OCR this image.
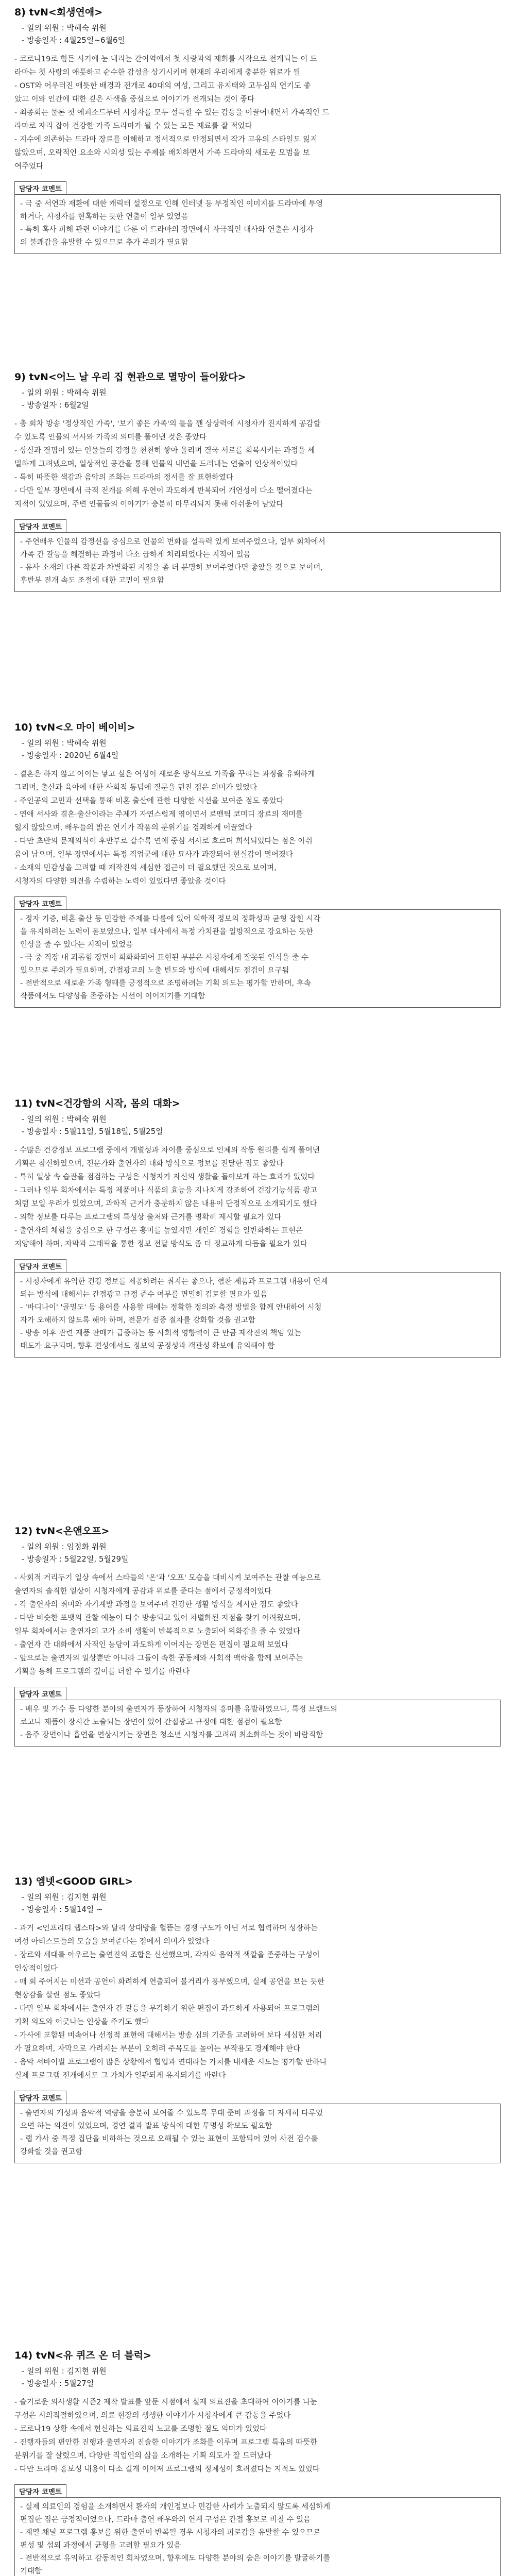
8) tvN<회생연애>
- 일의 위원 : 박혜숙 위원
- 방송일자 : 4월25일~6월6일
- 코로나19로 힘든 시기에 눈 내리는 간이역에서 첫 사랑과의 재회를 시작으로 전개되는 이 드
라마는 첫 사랑의 애틋하고 순수한 감성을 상기시키며 현재의 우리에게 충분한 위로가 될
- OST와 어우러진 애틋한 배경과 전개로 40대의 여성, 그리고 유지태와 고두심의 연기도 좋
았고 이와 인간에 대한 깊은 사색을 중심으로 이야기가 전개되는 것이 좋다
- 최종회는 물론 첫 에피소드부터 시청자를 모두 설득할 수 있는 감동을 이끌어내면서 가족적인 드
라마로 자리 잡아 건강한 가족 드라마가 될 수 있는 모든 재료를 잘 적었다
- 지수에 의존하는 드라마 장르를 이해하고 정서적으로 안정되면서 작가 고유의 스타일도 잃지
않았으며, 오락적인 요소와 시의성 있는 주제를 배치하면서 가족 드라마의 새로운 모범을 보
여주었다
담당자 코멘트
- 극 중 서연과 재환에 대한 캐릭터 설정으로 인해 인터넷 등 부정적인 이미지를 드라마에 투영
하거나, 시청자를 현혹하는 듯한 연출이 일부 있었음
- 특히 혹사 피해 관련 이야기를 다룬 이 드라마의 장면에서 자극적인 대사와 연출은 시청자
의 불쾌감을 유발할 수 있으므로 추가 주의가 필요함
9) tvN<어느 날 우리 집 현관으로 멸망이 들어왔다>
- 일의 위원 : 박혜숙 위원
- 방송일자 : 6월2일
- 총 회차 방송 '정상적인 가족', '보기 좋은 가족'의 틀을 깬 상상력에 시청자가 진지하게 공감할
수 있도록 인물의 서사와 가족의 의미를 풀어낸 것은 좋았다
- 상실과 결핍이 있는 인물들의 감정을 천천히 쌓아 올리며 결국 서로를 회복시키는 과정을 세
밀하게 그려냈으며, 일상적인 공간을 통해 인물의 내면을 드러내는 연출이 인상적이었다
- 특히 따뜻한 색감과 음악의 조화는 드라마의 정서를 잘 표현하였다
- 다만 일부 장면에서 극적 전개를 위해 우연이 과도하게 반복되어 개연성이 다소 떨어졌다는
지적이 있었으며, 주변 인물들의 이야기가 충분히 마무리되지 못해 아쉬움이 남았다
담당자 코멘트
- 주연배우 인물의 감정선을 중심으로 인물의 변화를 설득력 있게 보여주었으나, 일부 회차에서
가족 간 갈등을 해결하는 과정이 다소 급하게 처리되었다는 지적이 있음
- 유사 소재의 다른 작품과 차별화된 지점을 좀 더 분명히 보여주었다면 좋았을 것으로 보이며,
후반부 전개 속도 조절에 대한 고민이 필요함
10) tvN<오 마이 베이비>
- 일의 위원 : 박혜숙 위원
- 방송일자 : 2020년 6월4일
- 결혼은 하지 않고 아이는 낳고 싶은 여성이 새로운 방식으로 가족을 꾸리는 과정을 유쾌하게
그리며, 출산과 육아에 대한 사회적 통념에 질문을 던진 점은 의미가 있었다
- 주인공의 고민과 선택을 통해 비혼 출산에 관한 다양한 시선을 보여준 점도 좋았다
- 연애 서사와 결혼·출산이라는 주제가 자연스럽게 엮이면서 로맨틱 코미디 장르의 재미를
잃지 않았으며, 배우들의 밝은 연기가 작품의 분위기를 경쾌하게 이끌었다
- 다만 초반의 문제의식이 후반부로 갈수록 연애 중심 서사로 흐르며 희석되었다는 점은 아쉬
움이 남으며, 일부 장면에서는 특정 직업군에 대한 묘사가 과장되어 현실감이 떨어졌다
- 소재의 민감성을 고려할 때 제작진의 세심한 접근이 더 필요했던 것으로 보이며,
시청자의 다양한 의견을 수렴하는 노력이 있었다면 좋았을 것이다
담당자 코멘트
- 정자 기증, 비혼 출산 등 민감한 주제를 다룸에 있어 의학적 정보의 정확성과 균형 잡힌 시각
을 유지하려는 노력이 돋보였으나, 일부 대사에서 특정 가치관을 일방적으로 강요하는 듯한
인상을 줄 수 있다는 지적이 있었음
- 극 중 직장 내 괴롭힘 장면이 희화화되어 표현된 부분은 시청자에게 잘못된 인식을 줄 수
있으므로 주의가 필요하며, 간접광고의 노출 빈도와 방식에 대해서도 점검이 요구됨
- 전반적으로 새로운 가족 형태를 긍정적으로 조명하려는 기획 의도는 평가할 만하며, 후속
작품에서도 다양성을 존중하는 시선이 이어지기를 기대함
11) tvN<건강함의 시작, 몸의 대화>
- 일의 위원 : 박혜숙 위원
- 방송일자 : 5월11일, 5월18일, 5월25일
- 수많은 건강정보 프로그램 중에서 개별성과 차이를 중심으로 인체의 작동 원리를 쉽게 풀어낸
기획은 참신하였으며, 전문가와 출연자의 대화 방식으로 정보를 전달한 점도 좋았다
- 특히 일상 속 습관을 점검하는 구성은 시청자가 자신의 생활을 돌아보게 하는 효과가 있었다
- 그러나 일부 회차에서는 특정 제품이나 식품의 효능을 지나치게 강조하여 건강기능식품 광고
처럼 보일 우려가 있었으며, 과학적 근거가 충분하지 않은 내용이 단정적으로 소개되기도 했다
- 의학 정보를 다루는 프로그램의 특성상 출처와 근거를 명확히 제시할 필요가 있다
- 출연자의 체험을 중심으로 한 구성은 흥미를 높였지만 개인의 경험을 일반화하는 표현은
지양해야 하며, 자막과 그래픽을 통한 정보 전달 방식도 좀 더 정교하게 다듬을 필요가 있다
담당자 코멘트
- 시청자에게 유익한 건강 정보를 제공하려는 취지는 좋으나, 협찬 제품과 프로그램 내용이 연계
되는 방식에 대해서는 간접광고 규정 준수 여부를 면밀히 검토할 필요가 있음
- '바디나이' '골밀도' 등 용어를 사용할 때에는 정확한 정의와 측정 방법을 함께 안내하여 시청
자가 오해하지 않도록 해야 하며, 전문가 검증 절차를 강화할 것을 권고함
- 방송 이후 관련 제품 판매가 급증하는 등 사회적 영향력이 큰 만큼 제작진의 책임 있는
태도가 요구되며, 향후 편성에서도 정보의 공정성과 객관성 확보에 유의해야 함
12) tvN<온앤오프>
- 일의 위원 : 임정화 위원
- 방송일자 : 5월22일, 5월29일
- 사회적 거리두기 일상 속에서 스타들의 '온'과 '오프' 모습을 대비시켜 보여주는 관찰 예능으로
출연자의 솔직한 일상이 시청자에게 공감과 위로를 준다는 점에서 긍정적이었다
- 각 출연자의 취미와 자기계발 과정을 보여주며 건강한 생활 방식을 제시한 점도 좋았다
- 다만 비슷한 포맷의 관찰 예능이 다수 방송되고 있어 차별화된 지점을 찾기 어려웠으며,
일부 회차에서는 출연자의 고가 소비 생활이 반복적으로 노출되어 위화감을 줄 수 있었다
- 출연자 간 대화에서 사적인 농담이 과도하게 이어지는 장면은 편집이 필요해 보였다
- 앞으로는 출연자의 일상뿐만 아니라 그들이 속한 공동체와 사회적 맥락을 함께 보여주는
기획을 통해 프로그램의 깊이를 더할 수 있기를 바란다
담당자 코멘트
- 배우 및 가수 등 다양한 분야의 출연자가 등장하여 시청자의 흥미를 유발하였으나, 특정 브랜드의
로고나 제품이 장시간 노출되는 장면이 있어 간접광고 규정에 대한 점검이 필요함
- 음주 장면이나 흡연을 연상시키는 장면은 청소년 시청자를 고려해 최소화하는 것이 바람직함
13) 엠넷<GOOD GIRL>
- 일의 위원 : 김지현 위원
- 방송일자 : 5월14일 ~
- 과거 <언프리티 랩스타>와 달리 상대방을 헐뜯는 경쟁 구도가 아닌 서로 협력하며 성장하는
여성 아티스트들의 모습을 보여준다는 점에서 의미가 있었다
- 장르와 세대를 아우르는 출연진의 조합은 신선했으며, 각자의 음악적 색깔을 존중하는 구성이
인상적이었다
- 매 회 주어지는 미션과 공연이 화려하게 연출되어 볼거리가 풍부했으며, 실제 공연을 보는 듯한
현장감을 살린 점도 좋았다
- 다만 일부 회차에서는 출연자 간 갈등을 부각하기 위한 편집이 과도하게 사용되어 프로그램의
기획 의도와 어긋나는 인상을 주기도 했다
- 가사에 포함된 비속어나 선정적 표현에 대해서는 방송 심의 기준을 고려하여 보다 세심한 처리
가 필요하며, 자막으로 가려지는 부분이 오히려 주목도를 높이는 부작용도 경계해야 한다
- 음악 서바이벌 프로그램이 많은 상황에서 협업과 연대라는 가치를 내세운 시도는 평가할 만하나
실제 프로그램 전개에서도 그 가치가 일관되게 유지되기를 바란다
담당자 코멘트
- 출연자의 개성과 음악적 역량을 충분히 보여줄 수 있도록 무대 준비 과정을 더 자세히 다루었
으면 하는 의견이 있었으며, 경연 결과 발표 방식에 대한 투명성 확보도 필요함
- 랩 가사 중 특정 집단을 비하하는 것으로 오해될 수 있는 표현이 포함되어 있어 사전 검수를
강화할 것을 권고함
14) tvN<유 퀴즈 온 더 블럭>
- 일의 위원 : 김지현 위원
- 방송일자 : 5월27일
- 슬기로운 의사생활 시즌2 제작 발표를 앞둔 시점에서 실제 의료진을 초대하여 이야기를 나눈
구성은 시의적절하였으며, 의료 현장의 생생한 이야기가 시청자에게 큰 감동을 주었다
- 코로나19 상황 속에서 헌신하는 의료진의 노고를 조명한 점도 의미가 있었다
- 진행자들의 편안한 진행과 출연자의 진솔한 이야기가 조화를 이루며 프로그램 특유의 따뜻한
분위기를 잘 살렸으며, 다양한 직업인의 삶을 소개하는 기획 의도가 잘 드러났다
- 다만 드라마 홍보성 내용이 다소 길게 이어져 프로그램의 정체성이 흐려졌다는 지적도 있었다
담당자 코멘트
- 실제 의료인의 경험을 소개하면서 환자의 개인정보나 민감한 사례가 노출되지 않도록 세심하게
편집한 점은 긍정적이었으나, 드라마 출연 배우와의 연계 구성은 간접 홍보로 비칠 수 있음
- 계열 채널 프로그램 홍보를 위한 출연이 반복될 경우 시청자의 피로감을 유발할 수 있으므로
편성 및 섭외 과정에서 균형을 고려할 필요가 있음
- 전반적으로 유익하고 감동적인 회차였으며, 향후에도 다양한 분야의 숨은 이야기를 발굴하기를
기대함
